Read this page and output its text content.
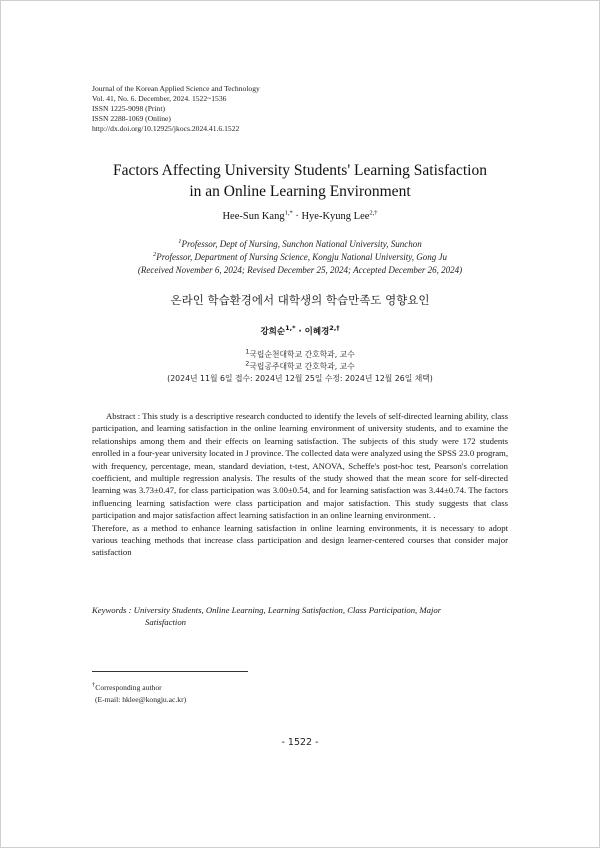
Journal of the Korean Applied Science and Technology
Vol. 41, No. 6. December, 2024. 1522~1536
ISSN 1225-9098 (Print)
ISSN 2288-1069 (Online)
http://dx.doi.org/10.12925/jkocs.2024.41.6.1522
Factors Affecting University Students' Learning Satisfaction
in an Online Learning Environment
Hee-Sun Kang$^{1,*}$ · Hye-Kyung Lee$^{2,\dagger}$
$^1$Professor, Dept of Nursing, Sunchon National University, Sunchon
$^2$Professor, Department of Nursing Science, Kongju National University, Gong Ju
(Received November 6, 2024; Revised December 25, 2024; Accepted December 26, 2024)
온라인 학습환경에서 대학생의 학습만족도 영향요인
강희순$^{1,*}$ · 이혜경$^{2,\dagger}$
$^1$국립순천대학교 간호학과, 교수
$^2$국립공주대학교 간호학과, 교수
(2024년 11월 6일 접수: 2024년 12월 25일 수정: 2024년 12월 26일 채택)

Abstract : This study is a descriptive research conducted to identify the levels of self-directed learning ability, class participation, and learning satisfaction in the online learning environment of university students, and to examine the relationships among them and their effects on learning satisfaction. The subjects of this study were 172 students enrolled in a four-year university located in J province. The collected data were analyzed using the SPSS 23.0 program, with frequency, percentage, mean, standard deviation, t-test, ANOVA, Scheffe's post-hoc test, Pearson's correlation coefficient, and multiple regression analysis. The results of the study showed that the mean score for self-directed learning was 3.73±0.47, for class participation was 3.00±0.54, and for learning satisfaction was 3.44±0.74. The factors influencing learning satisfaction were class participation and major satisfaction. This study suggests that class participation and major satisfaction affect learning satisfaction in an online learning environment. .

Therefore, as a method to enhance learning satisfaction in online learning environments, it is necessary to adopt various teaching methods that increase class participation and design learner-centered courses that consider major satisfaction

Keywords : University Students, Online Learning, Learning Satisfaction, Class Participation, Major
Satisfaction
†Corresponding author
(E-mail: hklee@kongju.ac.kr)
- 1522 -
